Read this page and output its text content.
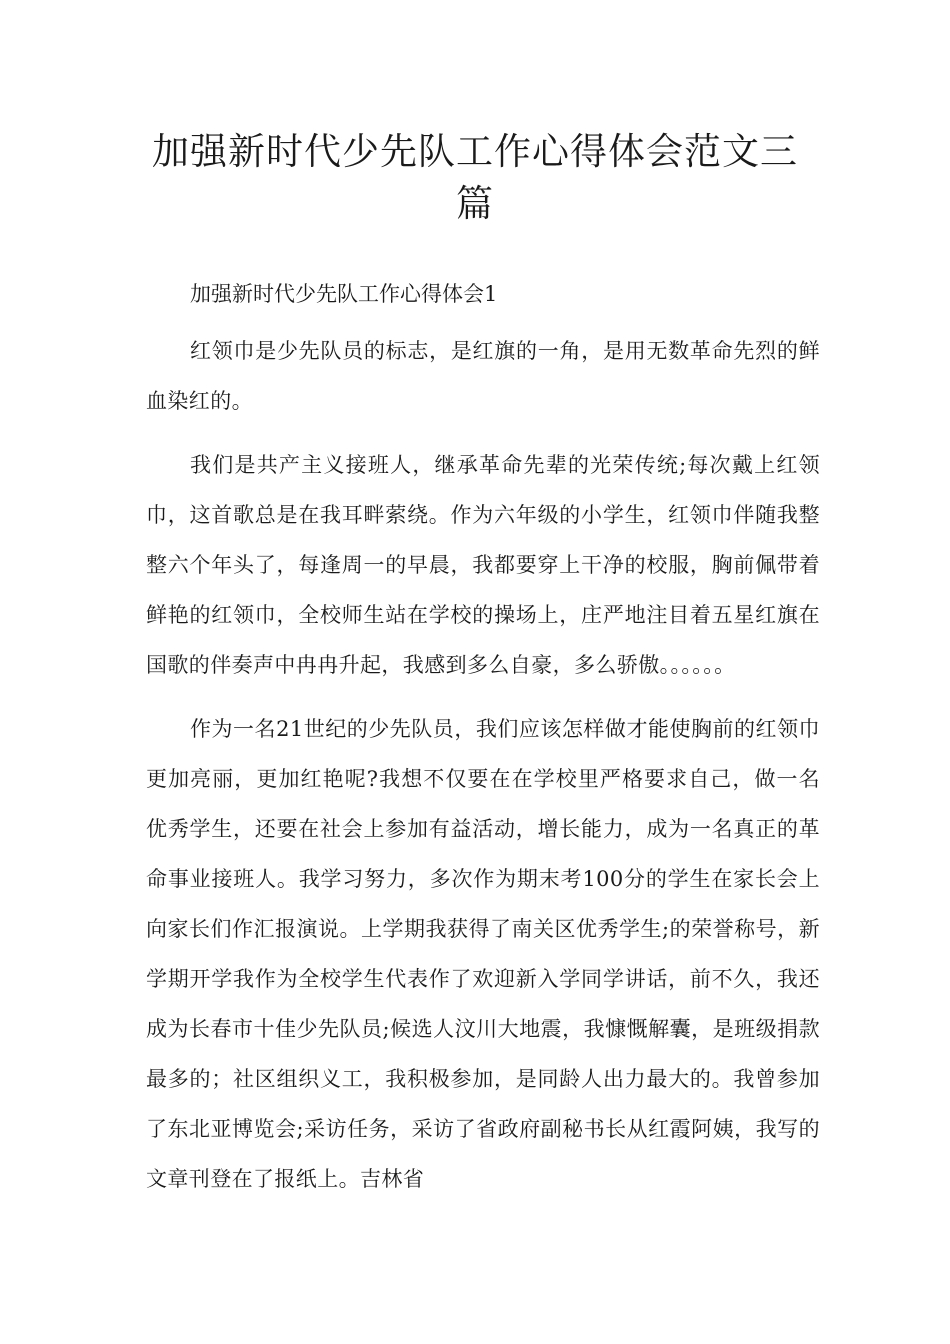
加强新时代少先队工作心得体会范文三篇

加强新时代少先队工作心得体会1

红领巾是少先队员的标志，是红旗的一角，是用无数革命先烈的鲜血染红的。

我们是共产主义接班人，继承革命先辈的光荣传统;每次戴上红领巾，这首歌总是在我耳畔萦绕。作为六年级的小学生，红领巾伴随我整整六个年头了，每逢周一的早晨，我都要穿上干净的校服，胸前佩带着鲜艳的红领巾，全校师生站在学校的操场上，庄严地注目着五星红旗在国歌的伴奏声中冉冉升起，我感到多么自豪，多么骄傲。。。。。。

作为一名21世纪的少先队员，我们应该怎样做才能使胸前的红领巾更加亮丽，更加红艳呢?我想不仅要在在学校里严格要求自己，做一名优秀学生，还要在社会上参加有益活动，增长能力，成为一名真正的革命事业接班人。我学习努力，多次作为期末考100分的学生在家长会上向家长们作汇报演说。上学期我获得了南关区优秀学生;的荣誉称号，新学期开学我作为全校学生代表作了欢迎新入学同学讲话，前不久，我还成为长春市十佳少先队员;候选人汶川大地震，我慷慨解囊，是班级捐款最多的；社区组织义工，我积极参加，是同龄人出力最大的。我曾参加了东北亚博览会;采访任务，采访了省政府副秘书长从红霞阿姨，我写的文章刊登在了报纸上。吉林省
